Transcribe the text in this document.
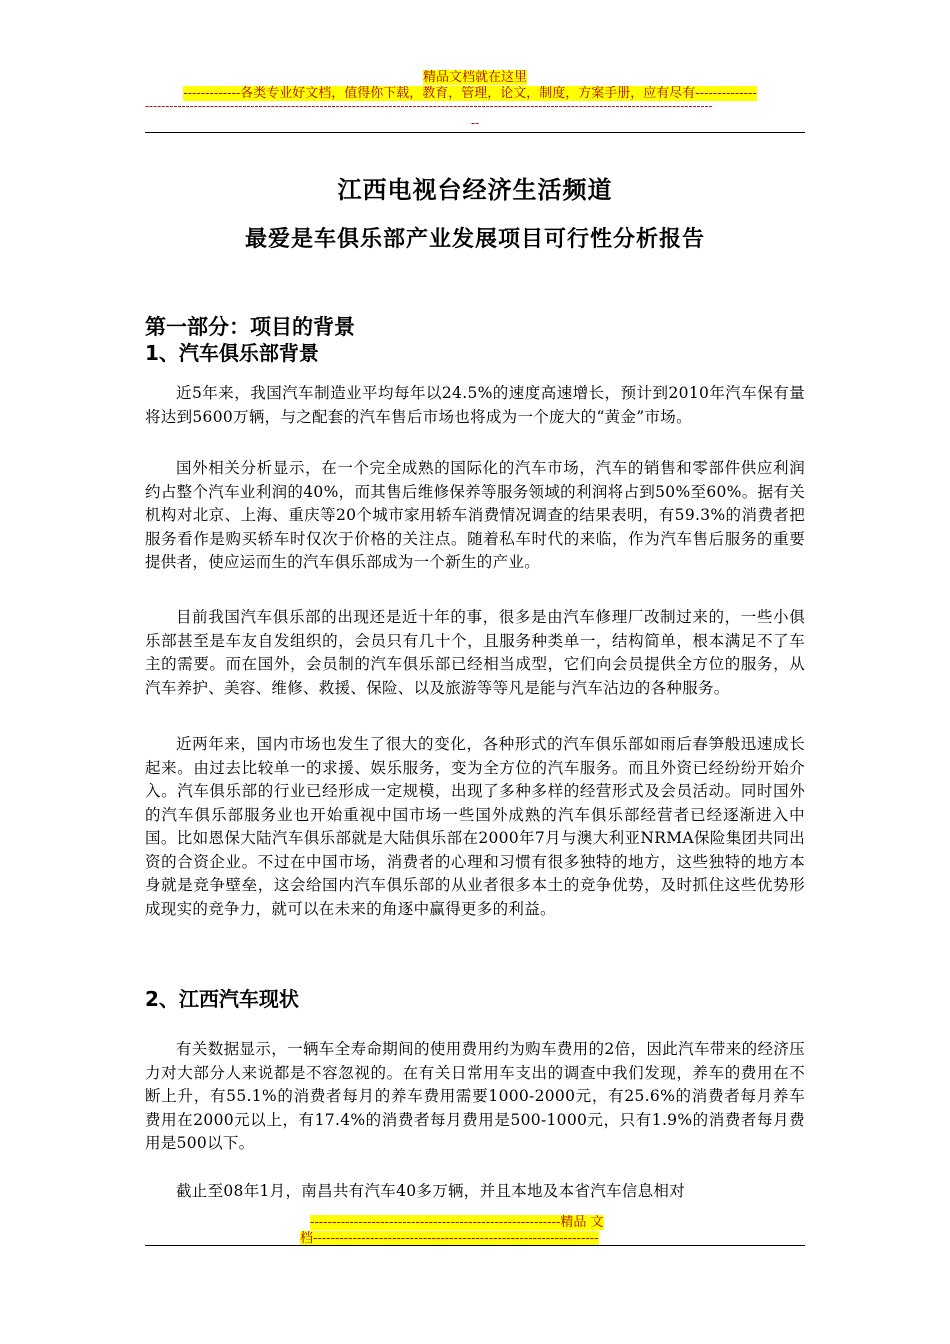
精品文档就在这里
-------------各类专业好文档，值得你下载，教育，管理，论文，制度，方案手册，应有尽有--------------
--------------------------------------------------------------------------------------------------------------------------------------------
--
江西电视台经济生活频道
最爱是车俱乐部产业发展项目可行性分析报告
第一部分：项目的背景
1、汽车俱乐部背景
近5年来，我国汽车制造业平均每年以24.5%的速度高速增长，预计到2010年汽车保有量将达到5600万辆，与之配套的汽车售后市场也将成为一个庞大的“黄金”市场。
国外相关分析显示，在一个完全成熟的国际化的汽车市场，汽车的销售和零部件供应利润约占整个汽车业利润的40%，而其售后维修保养等服务领域的利润将占到50%至60%。据有关机构对北京、上海、重庆等20个城市家用轿车消费情况调查的结果表明，有59.3%的消费者把服务看作是购买轿车时仅次于价格的关注点。随着私车时代的来临，作为汽车售后服务的重要提供者，使应运而生的汽车俱乐部成为一个新生的产业。
目前我国汽车俱乐部的出现还是近十年的事，很多是由汽车修理厂改制过来的，一些小俱乐部甚至是车友自发组织的，会员只有几十个，且服务种类单一，结构简单，根本满足不了车主的需要。而在国外，会员制的汽车俱乐部已经相当成型，它们向会员提供全方位的服务，从汽车养护、美容、维修、救援、保险、以及旅游等等凡是能与汽车沾边的各种服务。
近两年来，国内市场也发生了很大的变化，各种形式的汽车俱乐部如雨后春笋般迅速成长起来。由过去比较单一的求援、娱乐服务，变为全方位的汽车服务。而且外资已经纷纷开始介入。汽车俱乐部的行业已经形成一定规模，出现了多种多样的经营形式及会员活动。同时国外的汽车俱乐部服务业也开始重视中国市场一些国外成熟的汽车俱乐部经营者已经逐渐进入中国。比如恩保大陆汽车俱乐部就是大陆俱乐部在2000年7月与澳大利亚NRMA保险集团共同出资的合资企业。不过在中国市场，消费者的心理和习惯有很多独特的地方，这些独特的地方本身就是竞争壁垒，这会给国内汽车俱乐部的从业者很多本土的竞争优势，及时抓住这些优势形成现实的竞争力，就可以在未来的角逐中赢得更多的利益。
2、江西汽车现状
有关数据显示，一辆车全寿命期间的使用费用约为购车费用的2倍，因此汽车带来的经济压力对大部分人来说都是不容忽视的。在有关日常用车支出的调查中我们发现，养车的费用在不断上升，有55.1%的消费者每月的养车费用需要1000-2000元，有25.6%的消费者每月养车费用在2000元以上，有17.4%的消费者每月费用是500-1000元，只有1.9%的消费者每月费用是500以下。
截止至08年1月，南昌共有汽车40多万辆，并且本地及本省汽车信息相对
---------------------------------------------------------精品 文
档-----------------------------------------------------------------
